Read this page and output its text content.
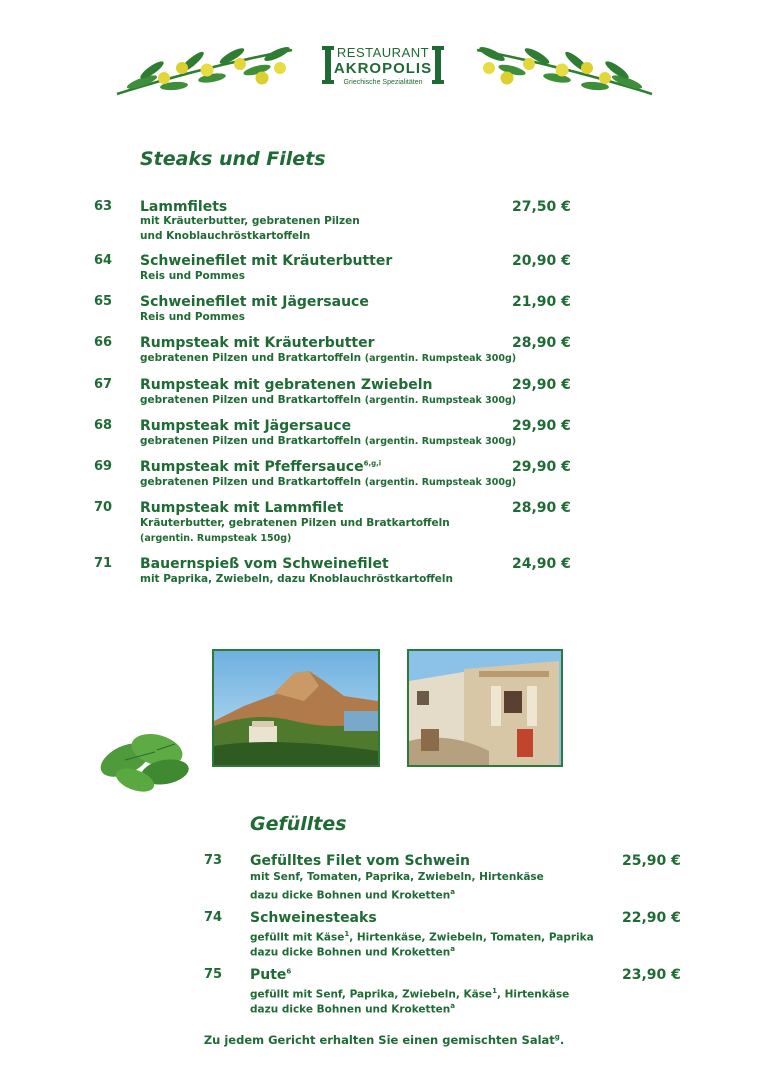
RESTAURANT
AKROPOLIS
Griechische Spezialitäten
Steaks und Filets
63 Lammfilets	27,50 €
mit Kräuterbutter, gebratenen Pilzen
und Knoblauchröstkartoffeln
64 Schweinefilet mit Kräuterbutter	20,90 €
Reis und Pommes
65 Schweinefilet mit Jägersauce	21,90 €
Reis und Pommes
66 Rumpsteak mit Kräuterbutter	28,90 €
gebratenen Pilzen und Bratkartoffeln (argentin. Rumpsteak 300g)
67 Rumpsteak mit gebratenen Zwiebeln	29,90 €
gebratenen Pilzen und Bratkartoffeln (argentin. Rumpsteak 300g)
68 Rumpsteak mit Jägersauce	29,90 €
gebratenen Pilzen und Bratkartoffeln (argentin. Rumpsteak 300g)
69 Rumpsteak mit Pfeffersauce$^{6,g,i}$	29,90 €
gebratenen Pilzen und Bratkartoffeln (argentin. Rumpsteak 300g)
70 Rumpsteak mit Lammfilet	28,90 €
Kräuterbutter, gebratenen Pilzen und Bratkartoffeln
(argentin. Rumpsteak 150g)
71 Bauernspieß vom Schweinefilet	24,90 €
mit Paprika, Zwiebeln, dazu Knoblauchröstkartoffeln
Gefülltes
73 Gefülltes Filet vom Schwein	25,90 €
mit Senf, Tomaten, Paprika, Zwiebeln, Hirtenkäse
dazu dicke Bohnen und Kroketten$^a$
74 Schweinesteaks	22,90 €
gefüllt mit Käse$^1$, Hirtenkäse, Zwiebeln, Tomaten, Paprika
dazu dicke Bohnen und Kroketten$^a$
75 Pute$^6$	23,90 €
gefüllt mit Senf, Paprika, Zwiebeln, Käse$^1$, Hirtenkäse
dazu dicke Bohnen und Kroketten$^a$
Zu jedem Gericht erhalten Sie einen gemischten Salat$^g$.
